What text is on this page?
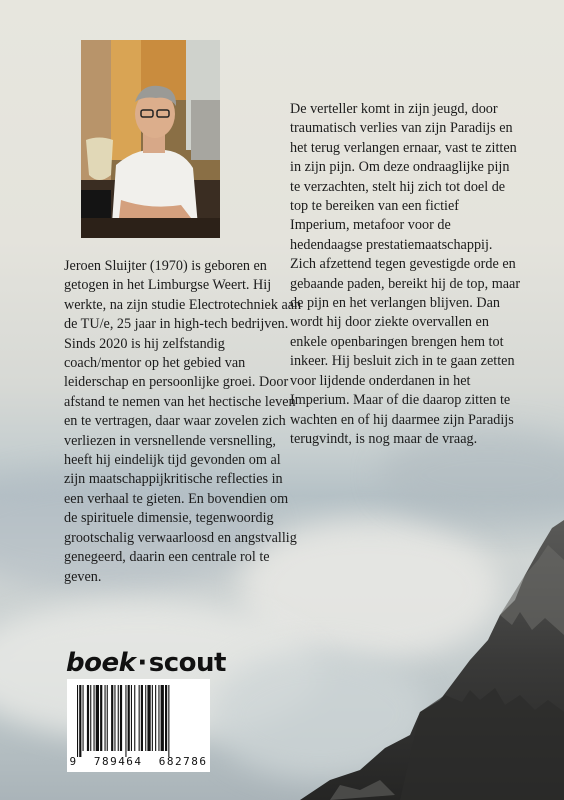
Jeroen Sluijter (1970) is geboren en getogen in het Limburgse Weert. Hij werkte, na zijn studie Electrotechniek aan de TU/e, 25 jaar in high-tech bedrijven. Sinds 2020 is hij zelfstandig coach/mentor op het gebied van leiderschap en persoonlijke groei. Door afstand te nemen van het hectische leven en te vertragen, daar waar zovelen zich verliezen in versnellende versnelling, heeft hij eindelijk tijd gevonden om al zijn maatschappijkritische reflecties in een verhaal te gieten. En bovendien om de spirituele dimensie, tegenwoordig grootschalig verwaarloosd en angstvallig genegeerd, daarin een centrale rol te geven.

De verteller komt in zijn jeugd, door traumatisch verlies van zijn Paradijs en het terug verlangen ernaar, vast te zitten in zijn pijn. Om deze ondraaglijke pijn te verzachten, stelt hij zich tot doel de top te bereiken van een fictief Imperium, metafoor voor de hedendaagse prestatiemaatschappij. Zich afzettend tegen gevestigde orde en gebaande paden, bereikt hij de top, maar de pijn en het verlangen blijven. Dan wordt hij door ziekte overvallen en enkele openbaringen brengen hem tot inkeer. Hij besluit zich in te gaan zetten voor lijdende onderdanen in het Imperium. Maar of die daarop zitten te wachten en of hij daarmee zijn Paradijs terugvindt, is nog maar de vraag.

boek·scout
9  789464  682786
